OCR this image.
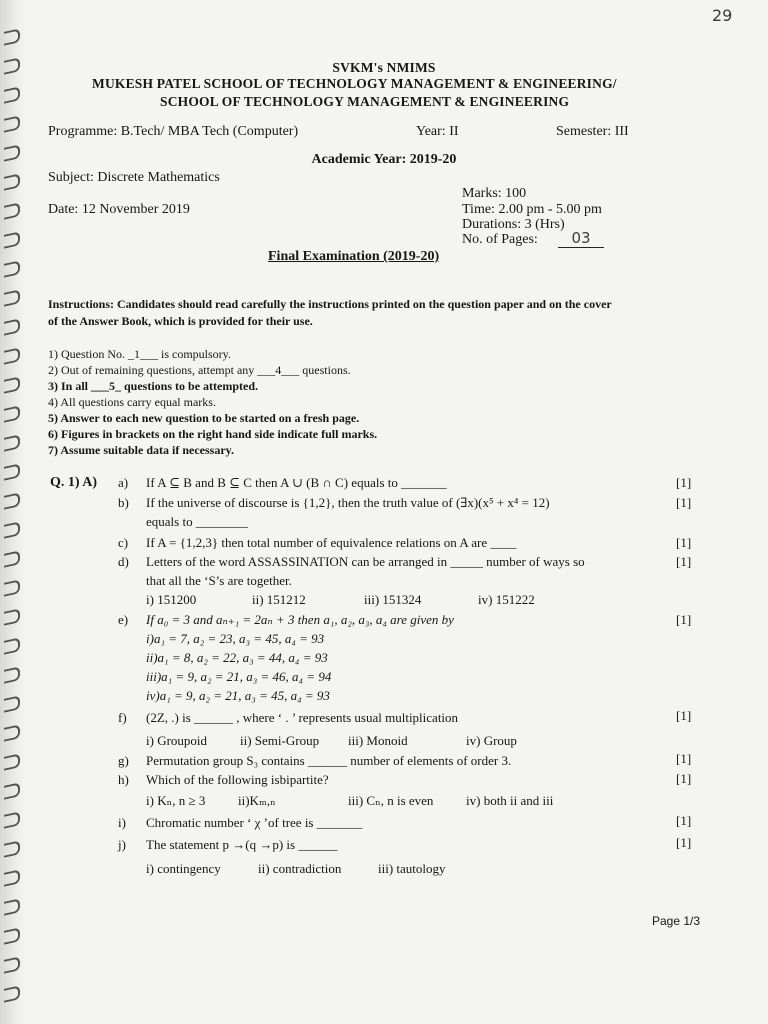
29
SVKM's NMIMS
MUKESH PATEL SCHOOL OF TECHNOLOGY MANAGEMENT & ENGINEERING/
SCHOOL OF TECHNOLOGY MANAGEMENT & ENGINEERING
Programme: B.Tech/ MBA Tech (Computer)	Year: II	Semester: III
Academic Year: 2019-20
Subject: Discrete Mathematics
Marks: 100
Date: 12 November 2019	Time: 2.00 pm - 5.00 pm
Durations: 3 (Hrs)
No. of Pages:	03
Final Examination (2019-20)
Instructions: Candidates should read carefully the instructions printed on the question paper and on the cover
of the Answer Book, which is provided for their use.
1) Question No. _1___ is compulsory.
2) Out of remaining questions, attempt any ___4___ questions.
3) In all ___5_ questions to be attempted.
4) All questions carry equal marks.
5) Answer to each new question to be started on a fresh page.
6) Figures in brackets on the right hand side indicate full marks.
7) Assume suitable data if necessary.
Q. 1) A) a) If A ⊆ B and B ⊆ C then A ∪ (B ∩ C) equals to _______	[1]
b) If the universe of discourse is {1,2}, then the truth value of (∃x)(x⁵ + x⁴ = 12)
equals to ________
[1]
c) If A = {1,2,3} then total number of equivalence relations on A are ____	[1]
d) Letters of the word ASSASSINATION can be arranged in _____ number of ways so
that all the ‘S’s are together.
[1]
i) 151200	ii) 151212	iii) 151324	iv) 151222
e) If a₀ = 3 and aₙ₊₁ = 2aₙ + 3 then a₁, a₂, a₃, a₄ are given by	[1]
i)a₁ = 7, a₂ = 23, a₃ = 45, a₄ = 93
ii)a₁ = 8, a₂ = 22, a₃ = 44, a₄ = 93
iii)a₁ = 9, a₂ = 21, a₃ = 46, a₄ = 94
iv)a₁ = 9, a₂ = 21, a₃ = 45, a₄ = 93
f) (2Z, .) is ______ , where ‘ . ’ represents usual multiplication	[1]
i) Groupoid	ii) Semi-Group iii) Monoid	iv) Group
g) Permutation group S₃ contains ______ number of elements of order 3.	[1]
h) Which of the following isbipartite?	[1]
i) Kₙ, n ≥ 3	ii)Kₘ,ₙ	iii) Cₙ, n is even	iv) both ii and iii
i) Chromatic number ‘ χ ’of tree is _______	[1]
j) The statement p →(q →p) is ______	[1]
i) contingency	ii) contradiction	iii) tautology
Page 1/3
